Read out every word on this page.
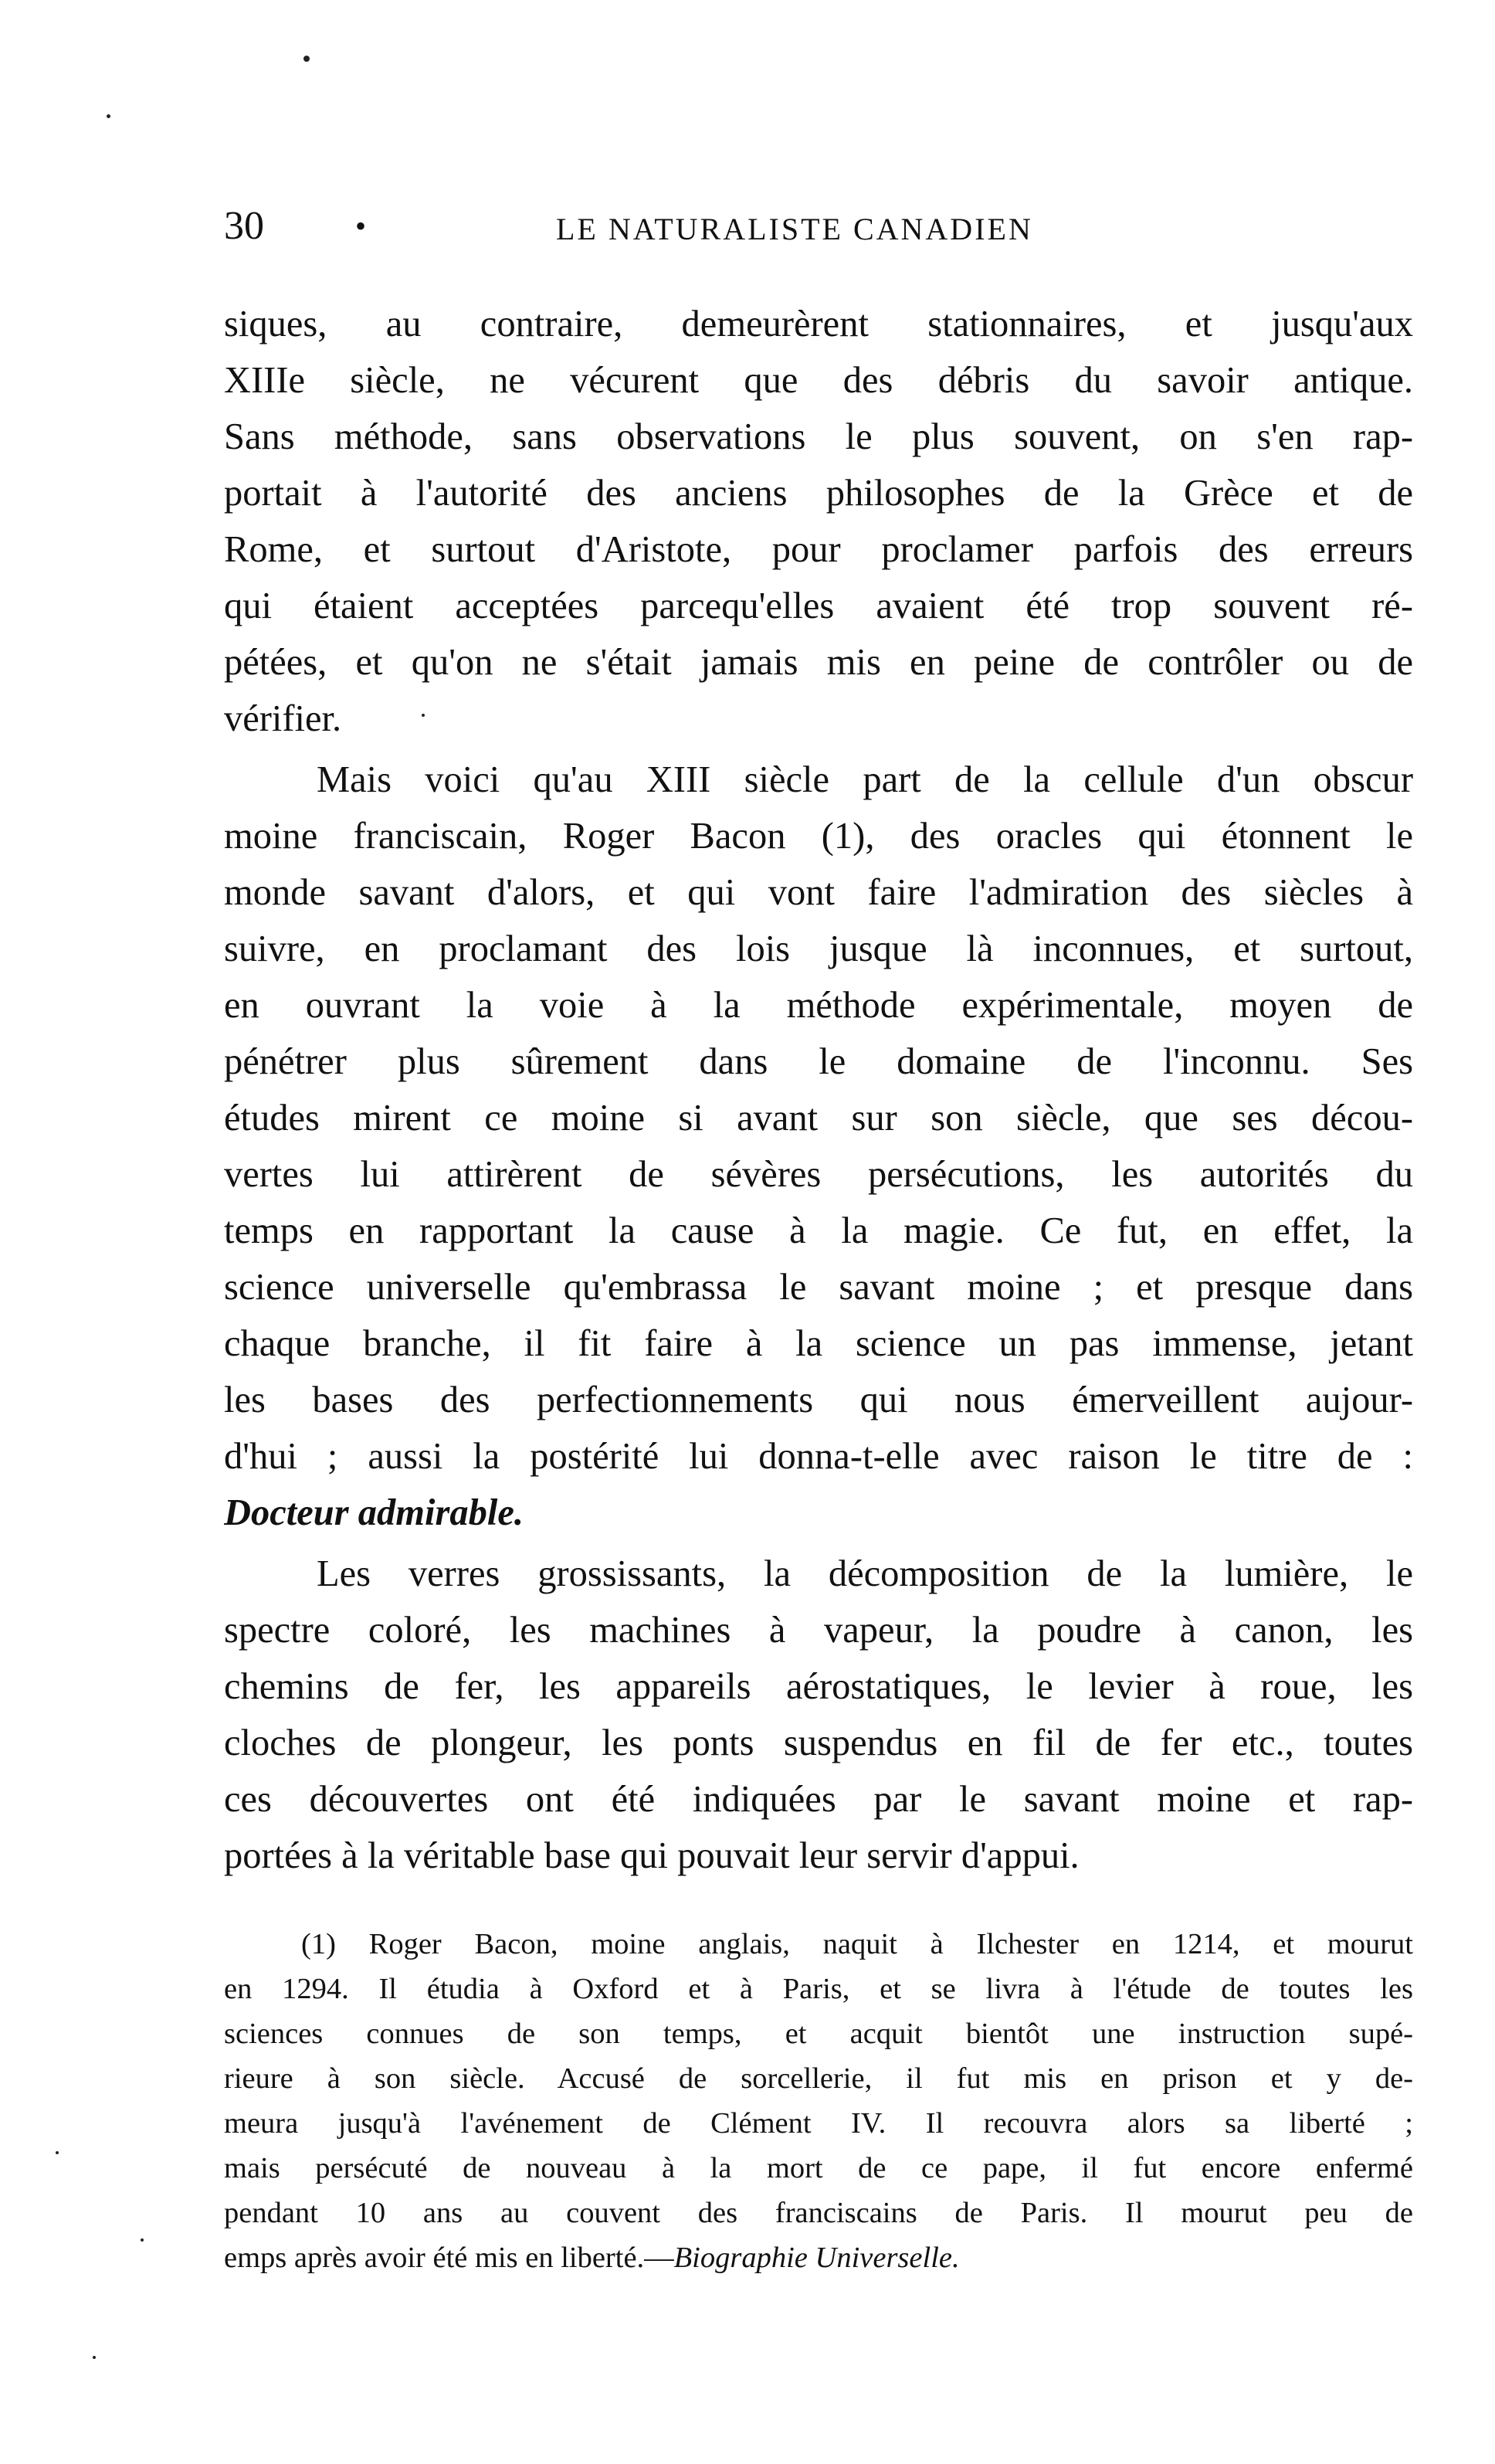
30	•	LE NATURALISTE CANADIEN
siques, au contraire, demeurèrent stationnaires, et jusqu'aux
XIIIe siècle, ne vécurent que des débris du savoir antique.
Sans méthode, sans observations le plus souvent, on s'en rap-
portait à l'autorité des anciens philosophes de la Grèce et de
Rome, et surtout d'Aristote, pour proclamer parfois des erreurs
qui étaient acceptées parcequ'elles avaient été trop souvent ré-
pétées, et qu'on ne s'était jamais mis en peine de contrôler ou de
vérifier.
Mais voici qu'au XIII siècle part de la cellule d'un obscur
moine franciscain, Roger Bacon (1), des oracles qui étonnent le
monde savant d'alors, et qui vont faire l'admiration des siècles à
suivre, en proclamant des lois jusque là inconnues, et surtout,
en ouvrant la voie à la méthode expérimentale, moyen de
pénétrer plus sûrement dans le domaine de l'inconnu. Ses
études mirent ce moine si avant sur son siècle, que ses décou-
vertes lui attirèrent de sévères persécutions, les autorités du
temps en rapportant la cause à la magie. Ce fut, en effet, la
science universelle qu'embrassa le savant moine ; et presque dans
chaque branche, il fit faire à la science un pas immense, jetant
les bases des perfectionnements qui nous émerveillent aujour-
d'hui ; aussi la postérité lui donna-t-elle avec raison le titre de :
Docteur admirable.
Les verres grossissants, la décomposition de la lumière, le
spectre coloré, les machines à vapeur, la poudre à canon, les
chemins de fer, les appareils aérostatiques, le levier à roue, les
cloches de plongeur, les ponts suspendus en fil de fer etc., toutes
ces découvertes ont été indiquées par le savant moine et rap-
portées à la véritable base qui pouvait leur servir d'appui.
(1) Roger Bacon, moine anglais, naquit à Ilchester en 1214, et mourut
en 1294. Il étudia à Oxford et à Paris, et se livra à l'étude de toutes les
sciences connues de son temps, et acquit bientôt une instruction supé-
rieure à son siècle. Accusé de sorcellerie, il fut mis en prison et y de-
meura jusqu'à l'avénement de Clément IV. Il recouvra alors sa liberté ;
mais persécuté de nouveau à la mort de ce pape, il fut encore enfermé
pendant 10 ans au couvent des franciscains de Paris. Il mourut peu de
emps après avoir été mis en liberté.—Biographie Universelle.
